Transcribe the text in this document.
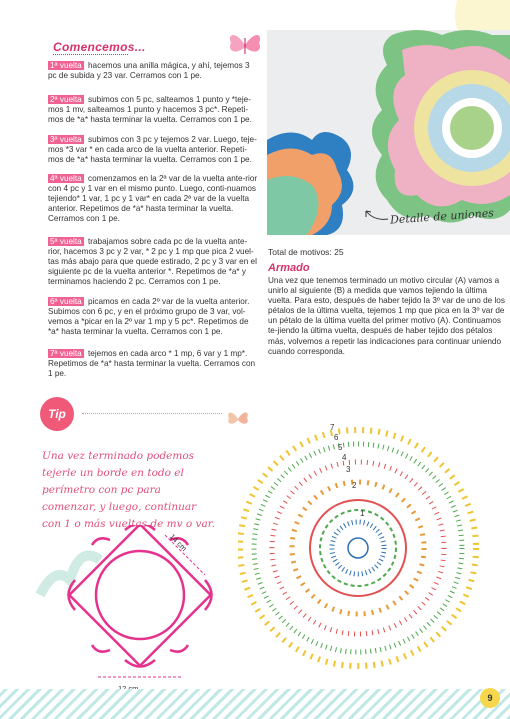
Comencemos...
1ª vuelta hacemos una anilla mágica, y ahí, tejemos 3 pc de subida y 23 var. Cerramos con 1 pe.
2ª vuelta subimos con 5 pc, salteamos 1 punto y *teje-mos 1 mv, salteamos 1 punto y hacemos 3 pc*. Repeti-mos de *a* hasta terminar la vuelta. Cerramos con 1 pe.
3ª vuelta subimos con 3 pc y tejemos 2 var. Luego, teje-mos *3 var * en cada arco de la vuelta anterior. Repeti-mos de *a* hasta terminar la vuelta. Cerramos con 1 pe.
4ª vuelta comenzamos en la 2ª var de la vuelta ante-rior con 4 pc y 1 var en el mismo punto. Luego, conti-nuamos tejiendo* 1 var, 1 pc y 1 var* en cada 2ª var de la vuelta anterior. Repetimos de *a* hasta terminar la vuelta. Cerramos con 1 pe.
5ª vuelta trabajamos sobre cada pc de la vuelta ante-rior, hacemos 3 pc y 2 var, * 2 pc y 1 mp que pica 2 vuel-tas más abajo para que quede estirado, 2 pc y 3 var en el siguiente pc de la vuelta anterior *. Repetimos de *a* y terminamos haciendo 2 pc. Cerramos con 1 pe.
6ª vuelta picamos en cada 2º var de la vuelta anterior. Subimos con 6 pc, y en el próximo grupo de 3 var, vol-vemos a *picar en la 2º var 1 mp y 5 pc*. Repetimos de *a* hasta terminar la vuelta. Cerramos con 1 pe.
7ª vuelta tejemos en cada arco * 1 mp, 6 var y 1 mp*. Repetimos de *a* hasta terminar la vuelta. Cerramos con 1 pe.
Detalle de uniones
Total de motivos: 25
Armado
Una vez que tenemos terminado un motivo circular (A) vamos a unirlo al siguiente (B) a medida que vamos tejiendo la última vuelta. Para esto, después de haber tejido la 3º var de uno de los pétalos de la última vuelta, tejemos 1 mp que pica en la 3º var de un pétalo de la última vuelta del primer motivo (A). Continuamos te-jiendo la última vuelta, después de haber tejido dos pétalos más, volvemos a repetir las indicaciones para continuar uniendo cuando corresponda.
Tip
Una vez terminado podemos tejerle un borde en todo el perímetro con pc para comenzar, y luego, continuar con 1 o más vueltas de mv o var.
14 cm
1
2
3
4
5
6
7
9
